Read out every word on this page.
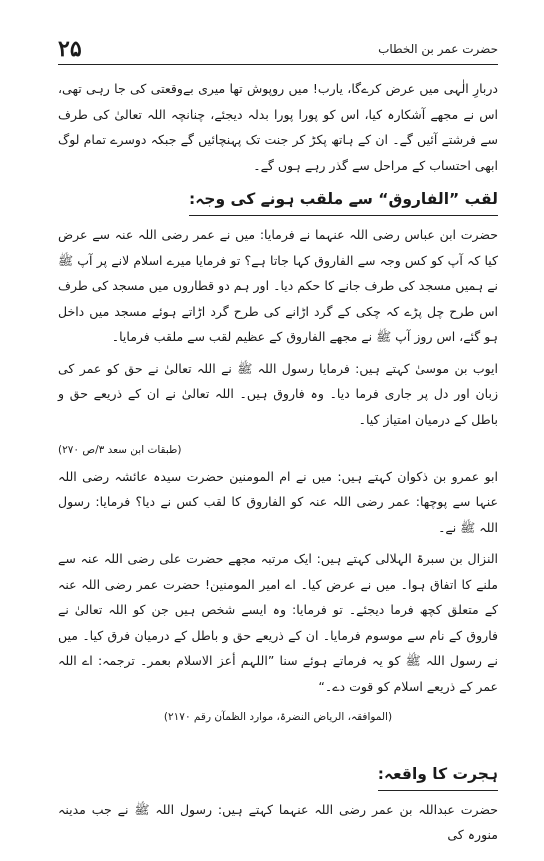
۲۵	حضرت عمر بن الخطاب

دربارِ الٰہی میں عرض کرےگا، یارب! میں روپوش تھا میری بےوقعتی کی جا رہی تھی، اس نے مجھے آشکارہ کیا، اس کو پورا پورا بدلہ دیجئے، چنانچہ اللہ تعالیٰ کی طرف سے فرشتے آئیں گے۔ ان کے ہاتھ پکڑ کر جنت تک پہنچائیں گے جبکہ دوسرے تمام لوگ ابھی احتساب کے مراحل سے گذر رہے ہوں گے۔

لقب ”الفاروق“ سے ملقب ہونے کی وجہ:

حضرت ابن عباس رضی اللہ عنہما نے فرمایا: میں نے عمر رضی اللہ عنہ سے عرض کیا کہ آپ کو کس وجہ سے الفاروق کہا جاتا ہے؟ تو فرمایا میرے اسلام لانے پر آپ ﷺ نے ہمیں مسجد کی طرف جانے کا حکم دیا۔ اور ہم دو قطاروں میں مسجد کی طرف اس طرح چل پڑے کہ چکی کے گرد اڑانے کی طرح گرد اڑاتے ہوئے مسجد میں داخل ہو گئے، اس روز آپ ﷺ نے مجھے الفاروق کے عظیم لقب سے ملقب فرمایا۔

ایوب بن موسیٰ کہتے ہیں: فرمایا رسول اللہ ﷺ نے اللہ تعالیٰ نے حق کو عمر کی زبان اور دل پر جاری فرما دیا۔ وہ فاروق ہیں۔ اللہ تعالیٰ نے ان کے ذریعے حق و باطل کے درمیان امتیاز کیا۔

(طبقات ابن سعد ۳/ص ۲۷۰)

ابو عمرو بن ذکوان کہتے ہیں: میں نے ام المومنین حضرت سیدہ عائشہ رضی اللہ عنہا سے پوچھا: عمر رضی اللہ عنہ کو الفاروق کا لقب کس نے دیا؟ فرمایا: رسول اللہ ﷺ نے۔

النزال بن سبرۃ الہلالی کہتے ہیں: ایک مرتبہ مجھے حضرت علی رضی اللہ عنہ سے ملنے کا اتفاق ہوا۔ میں نے عرض کیا۔ اے امیر المومنین! حضرت عمر رضی اللہ عنہ کے متعلق کچھ فرما دیجئے۔ تو فرمایا: وہ ایسے شخص ہیں جن کو اللہ تعالیٰ نے فاروق کے نام سے موسوم فرمایا۔ ان کے ذریعے حق و باطل کے درمیان فرق کیا۔ میں نے رسول اللہ ﷺ کو یہ فرماتے ہوئے سنا ”اللہم أعز الاسلام بعمر۔ ترجمہ: اے اللہ عمر کے ذریعے اسلام کو قوت دے۔“

(الموافقہ، الریاض النضرۃ، موارد الظمآن رقم ۲۱۷۰)
ہجرت کا واقعہ:

حضرت عبداللہ بن عمر رضی اللہ عنہما کہتے ہیں: رسول اللہ ﷺ نے جب مدینہ منورہ کی
